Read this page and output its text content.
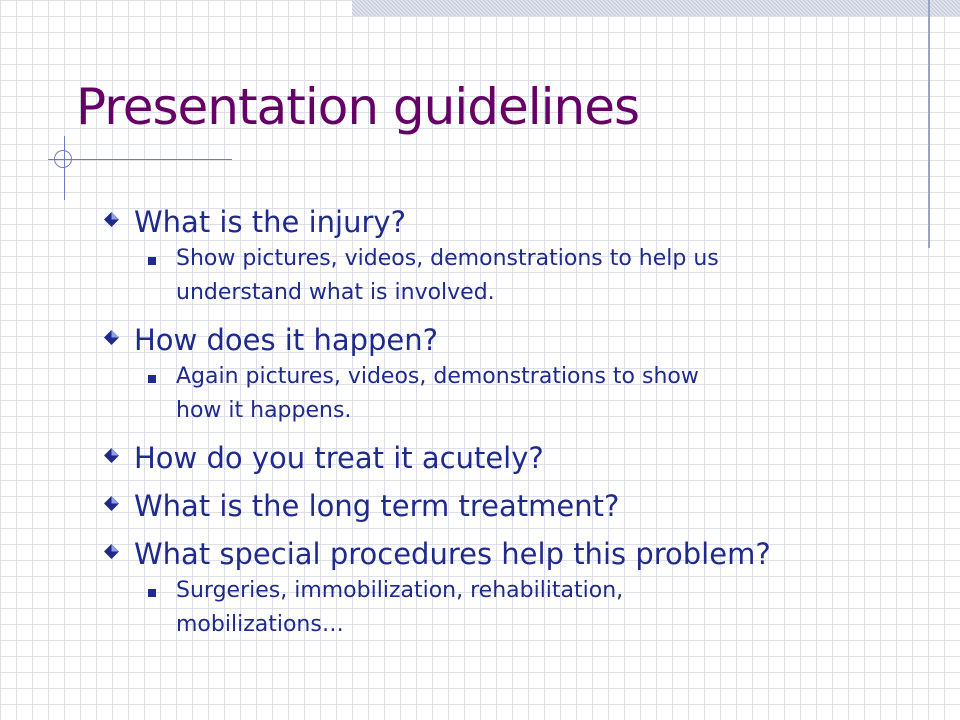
Presentation guidelines
What is the injury?
Show pictures, videos, demonstrations to help us
understand what is involved.
How does it happen?
Again pictures, videos, demonstrations to show
how it happens.
How do you treat it acutely?
What is the long term treatment?
What special procedures help this problem?
Surgeries, immobilization, rehabilitation,
mobilizations…
